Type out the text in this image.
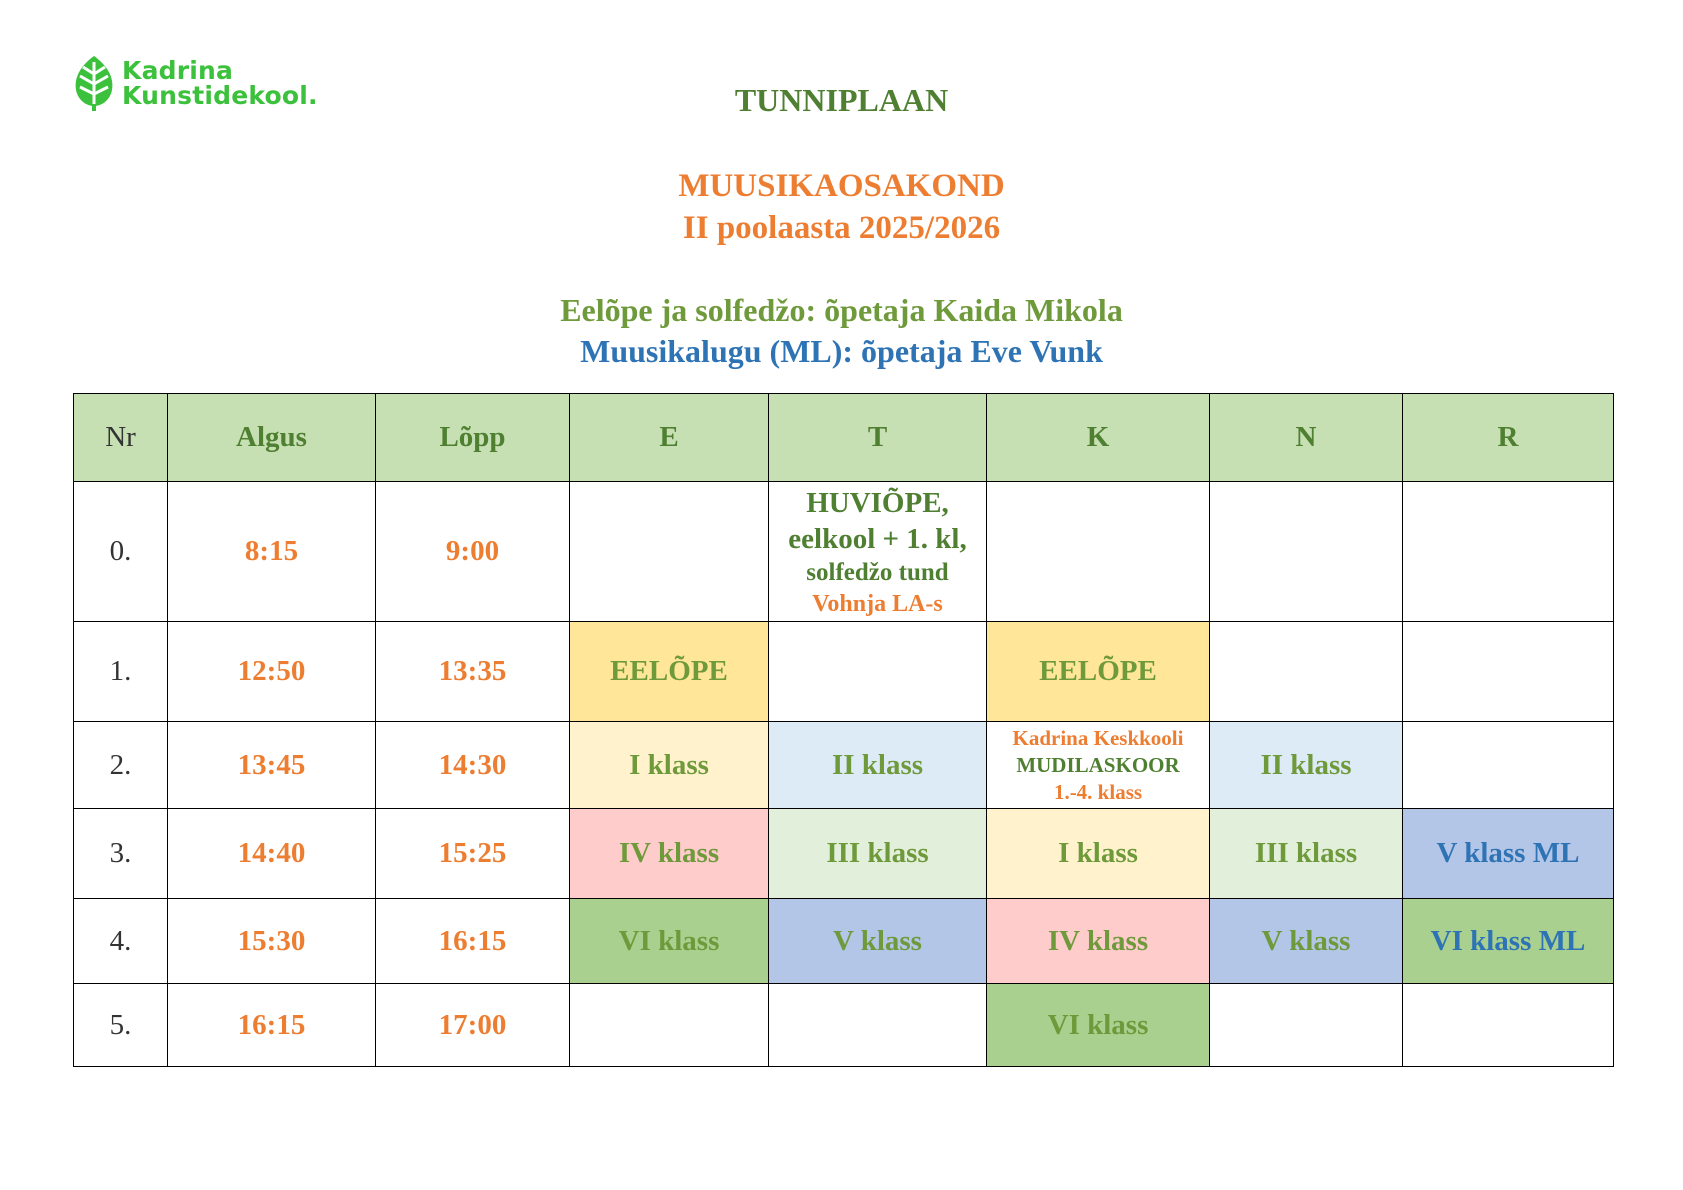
Kadrina
Kunstidekool.	TUNNIPLAAN
MUUSIKAOSAKOND
II poolaasta 2025/2026
Eelõpe ja solfedžo: õpetaja Kaida Mikola
Muusikalugu (ML): õpetaja Eve Vunk
Nr	Algus	Lõpp	E	T	K	N	R
0.	8:15	9:00		HUVIÕPE,
eelkool + 1. kl,
solfedžo tund
Vohnja LA-s			

1.	12:50	13:35	EELÕPE		EELÕPE		
2.	13:45	14:30	I klass	II klass	Kadrina Keskkooli
MUDILASKOOR
1.-4. klass	II klass	
3.	14:40	15:25	IV klass	III klass	I klass	III klass	V klass ML
4.	15:30	16:15	VI klass	V klass	IV klass	V klass	VI klass ML
5.	16:15	17:00			VI klass		
